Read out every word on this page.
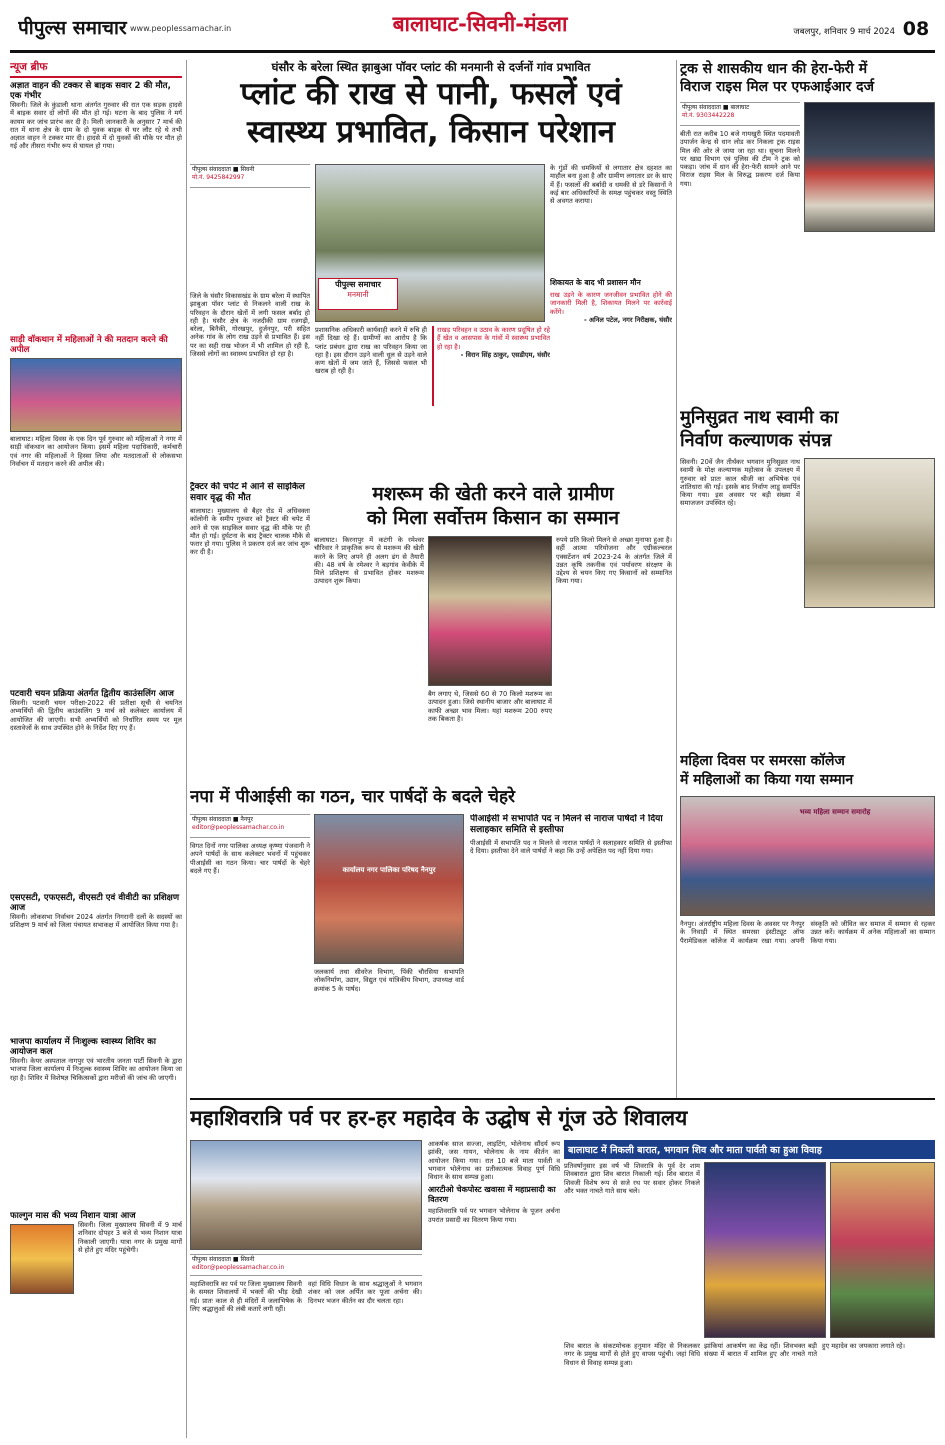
पीपुल्स समाचार www.peoplessamachar.in	बालाघाट-सिवनी-मंडला	जबलपुर, शनिवार 9 मार्च 2024 08
न्यूज ब्रीफ
अज्ञात वाहन की टक्कर से बाइक सवार 2 की मौत, एक गंभीर
सिवनी। जिले के कुंडाली थाना अंतर्गत गुरुवार की रात एक सड़क हादसे में बाइक सवार दो लोगों की मौत हो गई। घटना के बाद पुलिस ने मर्ग कायम कर जांच प्रारंभ कर दी है। मिली जानकारी के अनुसार 7 मार्च की रात में थाना क्षेत्र के ग्राम के दो युवक बाइक से घर लौट रहे थे तभी अज्ञात वाहन ने टक्कर मार दी। हादसे में दो युवकों की मौके पर मौत हो गई और तीसरा गंभीर रूप से घायल हो गया।
साड़ी वॉकथान में महिलाओं ने की मतदान करने की अपील
बालाघाट। महिला दिवस के एक दिन पूर्व गुरुवार को महिलाओं ने नगर में साड़ी वॉकथान का आयोजन किया। इसमें महिला पदाधिकारी, कर्मचारी एवं नगर की महिलाओं ने हिस्सा लिया और मतदाताओं से लोकसभा निर्वाचन में मतदान करने की अपील की।
पटवारी चयन प्रक्रिया अंतर्गत द्वितीय काउंसलिंग आज
सिवनी। पटवारी चयन परीक्षा-2022 की प्रतीक्षा सूची से चयनित अभ्यर्थियों की द्वितीय काउंसलिंग 9 मार्च को कलेक्टर कार्यालय में आयोजित की जाएगी। सभी अभ्यर्थियों को निर्धारित समय पर मूल दस्तावेजों के साथ उपस्थित होने के निर्देश दिए गए हैं।
एसएसटी, एफएसटी, वीएसटी एवं वीवीटी का प्रशिक्षण आज
सिवनी। लोकसभा निर्वाचन 2024 अंतर्गत निगरानी दलों के सदस्यों का प्रशिक्षण 9 मार्च को जिला पंचायत सभाकक्ष में आयोजित किया गया है।
भाजपा कार्यालय में निःशुल्क स्वास्थ्य शिविर का आयोजन कल
सिवनी। केयर अस्पताल नागपुर एवं भारतीय जनता पार्टी सिवनी के द्वारा भाजपा जिला कार्यालय में निःशुल्क स्वास्थ्य शिविर का आयोजन किया जा रहा है। शिविर में विशेषज्ञ चिकित्सकों द्वारा मरीजों की जांच की जाएगी।
फाल्गुन मास की भव्य निशान यात्रा आज
सिवनी। जिला मुख्यालय सिवनी में 9 मार्च शनिवार दोपहर 3 बजे से भव्य निशान यात्रा निकाली जाएगी। यात्रा नगर के प्रमुख मार्गों से होते हुए मंदिर पहुंचेगी।
घंसौर के बरेला स्थित झाबुआ पॉवर प्लांट की मनमानी से दर्जनों गांव प्रभावित
प्लांट की राख से पानी, फसलें एवं
स्वास्थ्य प्रभावित, किसान परेशान
पीपुल्स संवाददाता ■ सिवनी
मो.नं. 9425842997
जिले के घंसौर विकासखंड के ग्राम बरेला में स्थापित झाबुआ पॉवर प्लांट से निकलने वाली राख के परिवहन के दौरान खेतों में लगी फसल बर्बाद हो रही है। घंसौर क्षेत्र के नजदीकी ग्राम रजगढ़ी, बरेला, बिनैकी, गोरखपुर, दुर्जनपुर, परी सहित अनेक गांव के लोग राख उड़ने से प्रभावित हैं। इस पर का सही राख भोजन में भी शामिल हो रही है, जिससे लोगों का स्वास्थ्य प्रभावित हो रहा है।
पीपुल्स समाचार
मनमानी
प्रशासनिक अधिकारी कार्यवाही करने में रुचि ही नहीं दिखा रहे हैं। ग्रामीणों का आरोप है कि प्लांट प्रबंधन द्वारा राख का परिवहन किया जा रहा है। इस दौरान उड़ने वाली धूल से उड़ने वाले कण खेतों में जम जाते हैं, जिससे फसल भी खराब हो रही है।
के गुंडों की धमकियों से लगातार क्षेत्र दहशत का माहौल बना हुआ है और ग्रामीण लगातार डर के साए में हैं। फसलों की बर्बादी व धमकी से डरे किसानों ने कई बार अधिकारियों के समक्ष पहुंचकर वस्तु स्थिति से अवगत कराया।
राखड़ परिवहन व उठाव के कारण प्रदूषित हो रहे हैं खेत व आसपास के गांवों में स्वास्थ्य प्रभावित हो रहा है।
- विरान सिंह ठाकुर, एसडीएम, घंसौर
शिकायत के बाद भी प्रशासन मौन
राख उड़ने के कारण जनजीवन प्रभावित होने की जानकारी मिली है, शिकायत मिलने पर कार्रवाई करेंगे।
- अनिल पटेल, नगर निरीक्षक, घंसौर
ट्रैक्टर की चपेट में आने से साइकिल सवार वृद्ध की मौत
बालाघाट। मुख्यालय से बैहर रोड में अधिवक्ता कॉलोनी के समीप गुरुवार को ट्रैक्टर की चपेट में आने से एक साइकिल सवार वृद्ध की मौके पर ही मौत हो गई। दुर्घटना के बाद ट्रैक्टर चालक मौके से फरार हो गया। पुलिस ने प्रकरण दर्ज कर जांच शुरू कर दी है।
मशरूम की खेती करने वाले ग्रामीण
को मिला सर्वोत्तम किसान का सम्मान
बालाघाट। किरनापुर में कटंगी के रमेश्वर चौरिवार ने प्राकृतिक रूप से मशरूम की खेती करने के लिए अपने ही अलग ढंग से तैयारी की। 48 वर्ष के रमेश्वर ने बड़गांव केवीके में मिले प्रशिक्षण से प्रभावित होकर मशरूम उत्पादन शुरू किया।
बैग लगाए थे, जिससे 60 से 70 किलो मशरूम का उत्पादन हुआ। जिसे स्थानीय बाजार और बालाघाट में काफी अच्छा भाव मिला। यहां मशरूम 200 रुपए तक बिकता है।
रुपये प्रति किलो मिलने से अच्छा मुनाफा हुआ है। वहीं आत्मा परियोजना और एग्रीकल्चरल एक्सटेंशन वर्ष 2023-24 के अंतर्गत जिले में उन्नत कृषि तकनीक एवं पर्यावरण संरक्षण के उद्देश्य से चयन किए गए किसानों को सम्मानित किया गया।
नपा में पीआईसी का गठन, चार पार्षदों के बदले चेहरे
पीपुल्स संवाददाता ■ नैनपुर
editor@peoplessamachar.co.in
विगत दिनों नगर पालिका अध्यक्ष कृष्णा पंजवानी ने अपने पार्षदों के साथ कलेक्टर भवनों में पहुंचकर पीआईसी का गठन किया। चार पार्षदों के चेहरे बदले गए हैं।	कार्यालय नगर पालिका परिषद नैनपुर
जलकार्य तथा सीवरेज विभाग, पिंकी चौरसिया सभापति लोकनिर्माण, उद्यान, विद्युत एवं यांत्रिकीय विभाग, उपाध्यक्ष वार्ड क्रमांक 5 के पार्षद।
पीआईसी में सभापति पद न मिलने से नाराज पार्षदों ने दिया सलाहकार समिति से इस्तीफा
पीआईसी में सभापति पद न मिलने से नाराज पार्षदों ने सलाहकार समिति से इस्तीफा दे दिया। इस्तीफा देने वाले पार्षदों ने कहा कि उन्हें अपेक्षित पद नहीं दिया गया।
ट्रक से शासकीय धान की हेरा-फेरी में
विराज राइस मिल पर एफआईआर दर्ज
पीपुल्स संवाददाता ■ बालाघाट
मो.नं. 9303442228
बीती रात करीब 10 बजे गायखुरी स्थित पदमावती उपार्जन केन्द्र से धान लोड कर निकला ट्रक राइस मिल की ओर ले जाया जा रहा था। सूचना मिलने पर खाद्य विभाग एवं पुलिस की टीम ने ट्रक को पकड़ा। जांच में धान की हेरा-फेरी सामने आने पर विराज राइस मिल के विरुद्ध प्रकरण दर्ज किया गया।
मुनिसुव्रत नाथ स्वामी का
निर्वाण कल्याणक संपन्न
सिवनी। 20वें जैन तीर्थंकर भगवान मुनिसुव्रत नाथ स्वामी के मोक्ष कल्याणक महोत्सव के उपलक्ष्य में गुरुवार को प्रातः काल श्रीजी का अभिषेक एवं शांतिधारा की गई। इसके बाद निर्वाण लाडू समर्पित किया गया। इस अवसर पर बड़ी संख्या में समाजजन उपस्थित रहे।
महिला दिवस पर समरसा कॉलेज
में महिलाओं का किया गया सम्मान
भव्य महिला सम्मान समारोह
नैनपुर। अंतर्राष्ट्रीय महिला दिवस के अवसर पर नैनपुर के निवाड़ी में स्थित समरसा इंस्टीट्यूट ऑफ पैरामेडिकल कॉलेज में कार्यक्रम रखा गया। अपनी संस्कृति को जीवित कर समाज में सम्मान से रहकर उन्नत करें। कार्यक्रम में अनेक महिलाओं का सम्मान किया गया।
महाशिवरात्रि पर्व पर हर-हर महादेव के उद्घोष से गूंज उठे शिवालय
पीपुल्स संवाददाता ■ सिवनी
editor@peoplessamachar.co.in
महाशिवरात्रि का पर्व पर जिला मुख्यालय सिवनी के समस्त शिवालयों में भक्तों की भीड़ देखी गई। प्रातः काल से ही मंदिरों में जलाभिषेक के लिए श्रद्धालुओं की लंबी कतारें लगी रहीं।
वहां विधि विधान के साथ श्रद्धालुओं ने भगवान शंकर को जल अर्पित कर पूजा अर्चना की। दिनभर भजन कीर्तन का दौर चलता रहा।
आकर्षक साज सज्जा, लाइटिंग, भोलेनाथ सौंदर्य रूप झांकी, जस गायन, भोलेनाथ के नाम कीर्तन का आयोजन किया गया। रात 10 बजे माता पार्वती व भगवान भोलेनाथ का प्रतीकात्मक विवाह पूर्ण विधि विधान के साथ सम्पन्न हुआ।
आरटीओ चेकपोस्ट खवासा में महाप्रसादी का वितरण
महाशिवरात्रि पर्व पर भगवान भोलेनाथ के पूजन अर्चना उपरांत प्रसादी का वितरण किया गया।
बालाघाट में निकली बारात, भगवान शिव और माता पार्वती का हुआ विवाह
प्रतिवर्षानुसार इस वर्ष भी शिवरात्रि के पूर्व देर शाम शिवबारात द्वारा शिव बारात निकाली गई। शिव बारात में शिवजी विशेष रूप से सजे रथ पर सवार होकर निकले और भक्त नाचते गाते साथ चले।
शिव बारात के संकटमोचक हनुमान मंदिर से निकलकर नगर के प्रमुख मार्गों से होते हुए वापस पहुंची। जहां विधि विधान से विवाह सम्पन्न हुआ।
झांकियां आकर्षण का केंद्र रहीं। शिवभक्त बड़ी संख्या में बारात में शामिल हुए और नाचते गाते हुए महादेव का जयकारा लगाते रहे।
